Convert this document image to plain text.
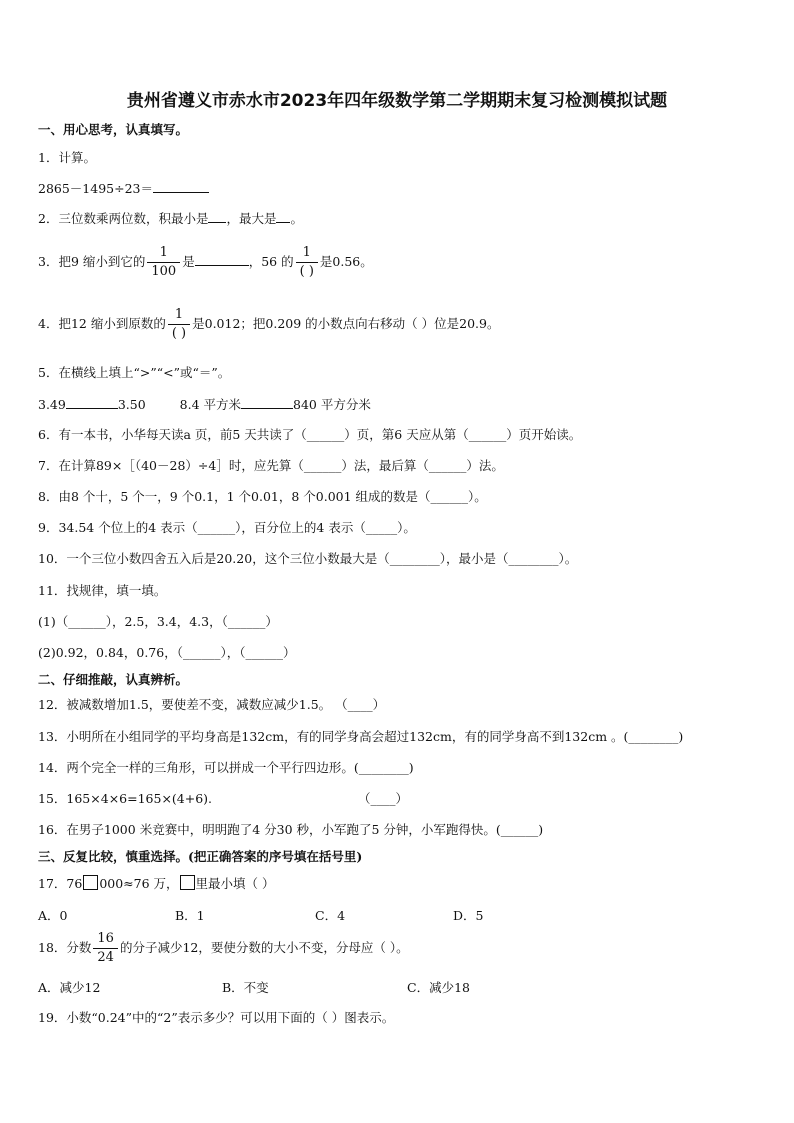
贵州省遵义市赤水市2023年四年级数学第二学期期末复习检测模拟试题
一、用心思考，认真填写。
1．计算。
2865－1495÷23＝
2．三位数乘两位数，积最小是 ，最大是 。
3．把9 缩小到它的 $\frac{1}{100}$ 是	，56 的 $\frac{1}{( )}$ 是0.56。
4．把12 缩小到原数的 $\frac{1}{( )}$ 是0.012；把0.209 的小数点向右移动（ ）位是20.9。
5．在横线上填上“>”“<”或“＝”。
3.49	3.50	8.4 平方米	840 平方分米
6．有一本书，小华每天读a 页，前5 天共读了（______）页，第6 天应从第（______）页开始读。
7．在计算89×［（40－28）÷4］时，应先算（______）法，最后算（______）法。
8．由8 个十，5 个一，9 个0.1，1 个0.01，8 个0.001 组成的数是（______）。
9．34.54 个位上的4 表示（______），百分位上的4 表示（_____）。
10．一个三位小数四舍五入后是20.20，这个三位小数最大是（________），最小是（________）。
11．找规律，填一填。
(1)（______），2.5，3.4，4.3，（______）
(2)0.92，0.84，0.76，（______），（______）
二、仔细推敲，认真辨析。
12．被减数增加1.5，要使差不变，减数应减少1.5。 （____）
13．小明所在小组同学的平均身高是132cm，有的同学身高会超过132cm，有的同学身高不到132cm 。(________)
14．两个完全一样的三角形，可以拼成一个平行四边形。(________)
15．165×4×6=165×(4+6).	（____）
16．在男子1000 米竞赛中，明明跑了4 分30 秒，小军跑了5 分钟，小军跑得快。(______)
三、反复比较，慎重选择。(把正确答案的序号填在括号里)
17．76 000≈76 万， 里最小填（ ）
A．0	B．1	C．4	D．5
18．分数 $\frac{16}{24}$ 的分子减少12，要使分数的大小不变，分母应（ ）。
A．减少12	B．不变	C．减少18
19．小数“0.24”中的“2”表示多少？可以用下面的（ ）图表示。
